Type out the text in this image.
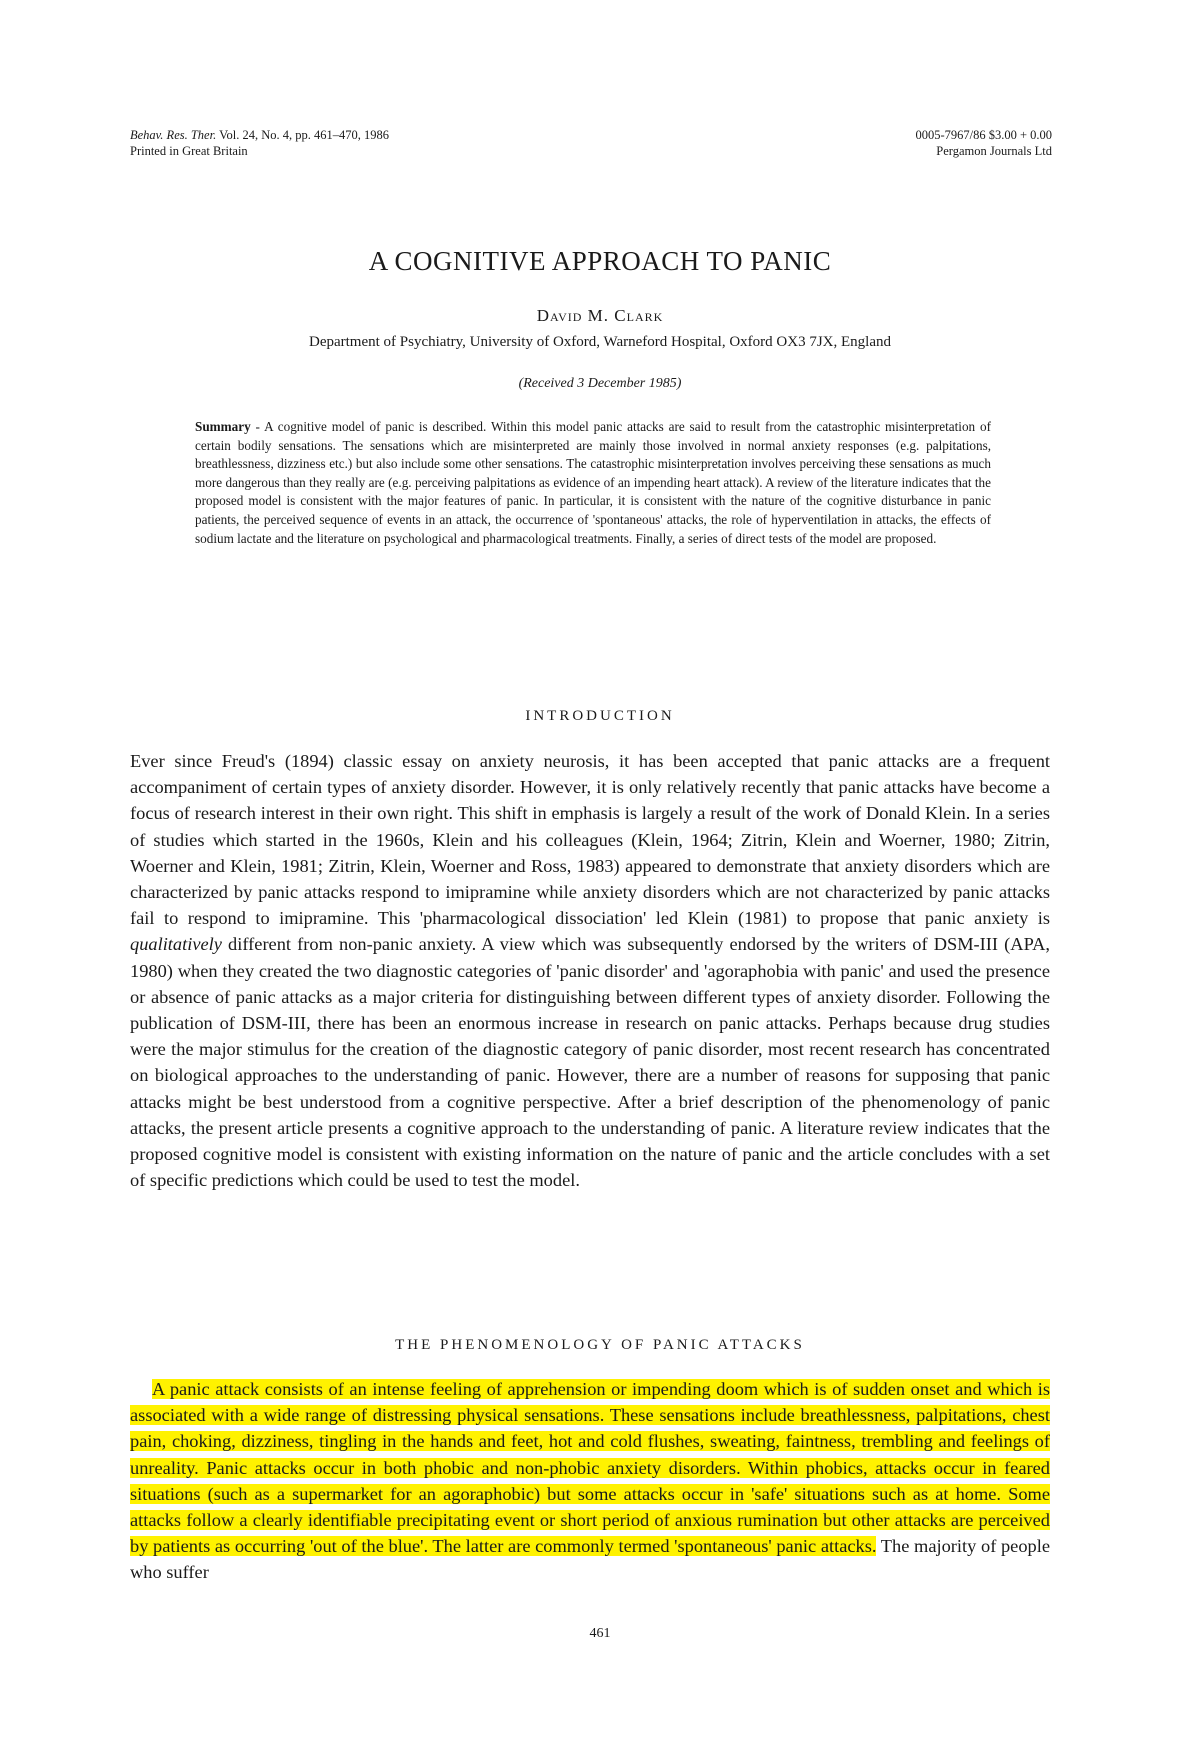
Behav. Res. Ther. Vol. 24, No. 4, pp. 461–470, 1986
Printed in Great Britain
0005-7967/86 $3.00 + 0.00
Pergamon Journals Ltd
A COGNITIVE APPROACH TO PANIC
David M. Clark
Department of Psychiatry, University of Oxford, Warneford Hospital, Oxford OX3 7JX, England
(Received 3 December 1985)
Summary - A cognitive model of panic is described. Within this model panic attacks are said to result from the catastrophic misinterpretation of certain bodily sensations. The sensations which are misinterpreted are mainly those involved in normal anxiety responses (e.g. palpitations, breathlessness, dizziness etc.) but also include some other sensations. The catastrophic misinterpretation involves perceiving these sensations as much more dangerous than they really are (e.g. perceiving palpitations as evidence of an impending heart attack). A review of the literature indicates that the proposed model is consistent with the major features of panic. In particular, it is consistent with the nature of the cognitive disturbance in panic patients, the perceived sequence of events in an attack, the occurrence of 'spontaneous' attacks, the role of hyperventilation in attacks, the effects of sodium lactate and the literature on psychological and pharmacological treatments. Finally, a series of direct tests of the model are proposed.
INTRODUCTION
Ever since Freud's (1894) classic essay on anxiety neurosis, it has been accepted that panic attacks are a frequent accompaniment of certain types of anxiety disorder. However, it is only relatively recently that panic attacks have become a focus of research interest in their own right. This shift in emphasis is largely a result of the work of Donald Klein. In a series of studies which started in the 1960s, Klein and his colleagues (Klein, 1964; Zitrin, Klein and Woerner, 1980; Zitrin, Woerner and Klein, 1981; Zitrin, Klein, Woerner and Ross, 1983) appeared to demonstrate that anxiety disorders which are characterized by panic attacks respond to imipramine while anxiety disorders which are not characterized by panic attacks fail to respond to imipramine. This 'pharmacological dissociation' led Klein (1981) to propose that panic anxiety is qualitatively different from non-panic anxiety. A view which was subsequently endorsed by the writers of DSM-III (APA, 1980) when they created the two diagnostic categories of 'panic disorder' and 'agoraphobia with panic' and used the presence or absence of panic attacks as a major criteria for distinguishing between different types of anxiety disorder. Following the publication of DSM-III, there has been an enormous increase in research on panic attacks. Perhaps because drug studies were the major stimulus for the creation of the diagnostic category of panic disorder, most recent research has concentrated on biological approaches to the understanding of panic. However, there are a number of reasons for supposing that panic attacks might be best understood from a cognitive perspective. After a brief description of the phenomenology of panic attacks, the present article presents a cognitive approach to the understanding of panic. A literature review indicates that the proposed cognitive model is consistent with existing information on the nature of panic and the article concludes with a set of specific predictions which could be used to test the model.
THE PHENOMENOLOGY OF PANIC ATTACKS
A panic attack consists of an intense feeling of apprehension or impending doom which is of sudden onset and which is associated with a wide range of distressing physical sensations. These sensations include breathlessness, palpitations, chest pain, choking, dizziness, tingling in the hands and feet, hot and cold flushes, sweating, faintness, trembling and feelings of unreality. Panic attacks occur in both phobic and non-phobic anxiety disorders. Within phobics, attacks occur in feared situations (such as a supermarket for an agoraphobic) but some attacks occur in 'safe' situations such as at home. Some attacks follow a clearly identifiable precipitating event or short period of anxious rumination but other attacks are perceived by patients as occurring 'out of the blue'. The latter are commonly termed 'spontaneous' panic attacks. The majority of people who suffer
461
